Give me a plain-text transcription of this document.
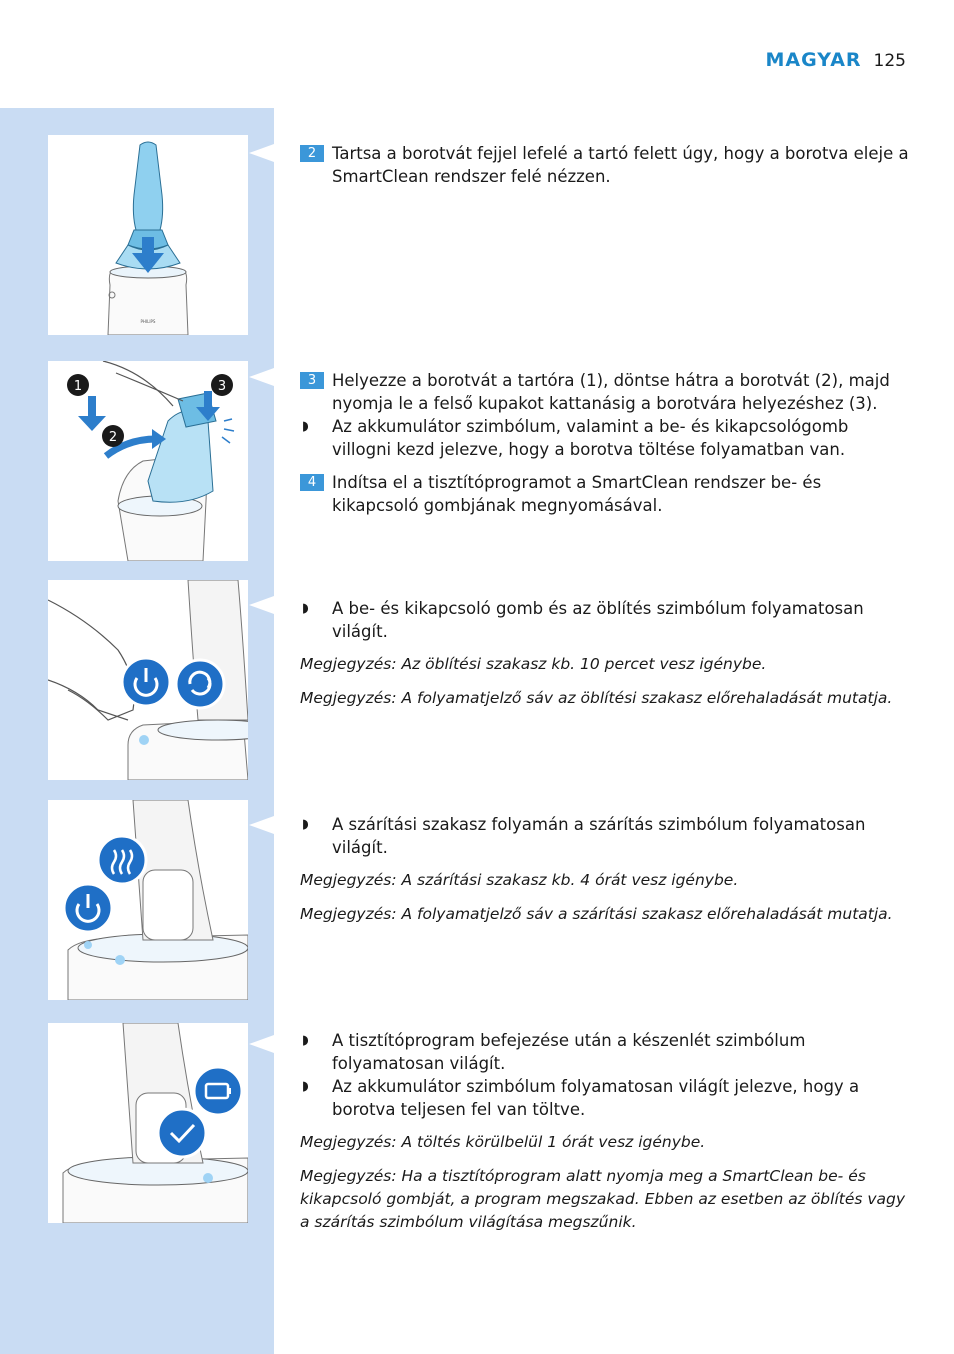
MAGYAR 125
PHILIPS
1
2
3

2 Tartsa a borotvát fejjel lefelé a tartó felett úgy, hogy a borotva eleje a SmartClean rendszer felé nézzen.

3 Helyezze a borotvát a tartóra (1), döntse hátra a borotvát (2), majd nyomja le a felső kupakot kattanásig a borotvára helyezéshez (3).

◗ Az akkumulátor szimbólum, valamint a be- és kikapcsológomb villogni kezd jelezve, hogy a borotva töltése folyamatban van.

4 Indítsa el a tisztítóprogramot a SmartClean rendszer be- és kikapcsoló gombjának megnyomásával.

◗ A be- és kikapcsoló gomb és az öblítés szimbólum folyamatosan világít.

Megjegyzés: Az öblítési szakasz kb. 10 percet vesz igénybe.

Megjegyzés: A folyamatjelző sáv az öblítési szakasz előrehaladását mutatja.

◗ A szárítási szakasz folyamán a szárítás szimbólum folyamatosan világít.

Megjegyzés: A szárítási szakasz kb. 4 órát vesz igénybe.

Megjegyzés: A folyamatjelző sáv a szárítási szakasz előrehaladását mutatja.

◗ A tisztítóprogram befejezése után a készenlét szimbólum folyamatosan világít.

◗ Az akkumulátor szimbólum folyamatosan világít jelezve, hogy a borotva teljesen fel van töltve.

Megjegyzés: A töltés körülbelül 1 órát vesz igénybe.

Megjegyzés: Ha a tisztítóprogram alatt nyomja meg a SmartClean be- és kikapcsoló gombját, a program megszakad. Ebben az esetben az öblítés vagy a szárítás szimbólum világítása megszűnik.
